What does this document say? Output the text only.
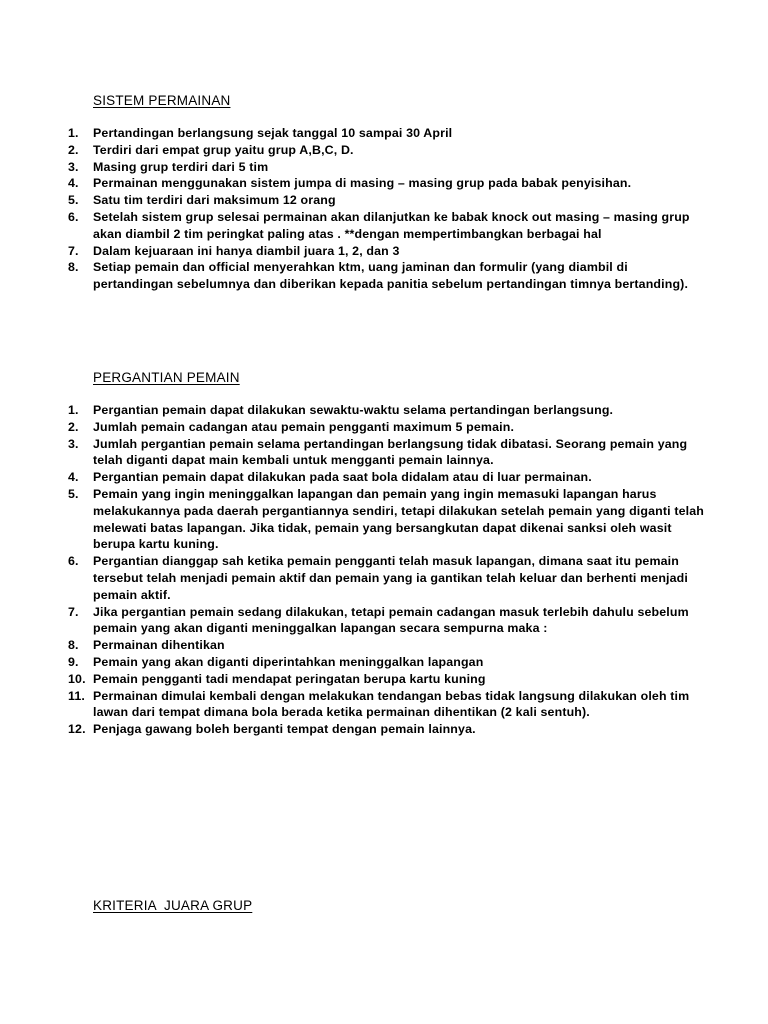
SISTEM PERMAINAN
1.	Pertandingan berlangsung sejak tanggal 10 sampai 30 April
2.	Terdiri dari empat grup yaitu grup A,B,C, D.
3.	Masing grup terdiri dari 5 tim
4.	Permainan menggunakan sistem jumpa di masing – masing grup pada babak penyisihan.
5.	Satu tim terdiri dari maksimum 12 orang
6.	Setelah sistem grup selesai permainan akan dilanjutkan ke babak knock out masing – masing grup akan diambil 2 tim peringkat paling atas . **dengan mempertimbangkan berbagai hal
7.	Dalam kejuaraan ini hanya diambil juara 1, 2, dan 3
8.	Setiap pemain dan official menyerahkan ktm, uang jaminan dan formulir (yang diambil di pertandingan sebelumnya dan diberikan kepada panitia sebelum pertandingan timnya bertanding).
PERGANTIAN PEMAIN
1.	Pergantian pemain dapat dilakukan sewaktu-waktu selama pertandingan berlangsung.
2.	Jumlah pemain cadangan atau pemain pengganti maximum 5 pemain.
3.	Jumlah pergantian pemain selama pertandingan berlangsung tidak dibatasi. Seorang pemain yang telah diganti dapat main kembali untuk mengganti pemain lainnya.
4.	Pergantian pemain dapat dilakukan pada saat bola didalam atau di luar permainan.
5.	Pemain yang ingin meninggalkan lapangan dan pemain yang ingin memasuki lapangan harus melakukannya pada daerah pergantiannya sendiri, tetapi dilakukan setelah pemain yang diganti telah melewati batas lapangan. Jika tidak, pemain yang bersangkutan dapat dikenai sanksi oleh wasit berupa kartu kuning.
6.	Pergantian dianggap sah ketika pemain pengganti telah masuk lapangan, dimana saat itu pemain tersebut telah menjadi pemain aktif dan pemain yang ia gantikan telah keluar dan berhenti menjadi pemain aktif.
7.	Jika pergantian pemain sedang dilakukan, tetapi pemain cadangan masuk terlebih dahulu sebelum pemain yang akan diganti meninggalkan lapangan secara sempurna maka :
8.	Permainan dihentikan
9.	Pemain yang akan diganti diperintahkan meninggalkan lapangan
10. Pemain pengganti tadi mendapat peringatan berupa kartu kuning
11. Permainan dimulai kembali dengan melakukan tendangan bebas tidak langsung dilakukan oleh tim lawan dari tempat dimana bola berada ketika permainan dihentikan (2 kali sentuh).
12. Penjaga gawang boleh berganti tempat dengan pemain lainnya.
KRITERIA  JUARA GRUP
